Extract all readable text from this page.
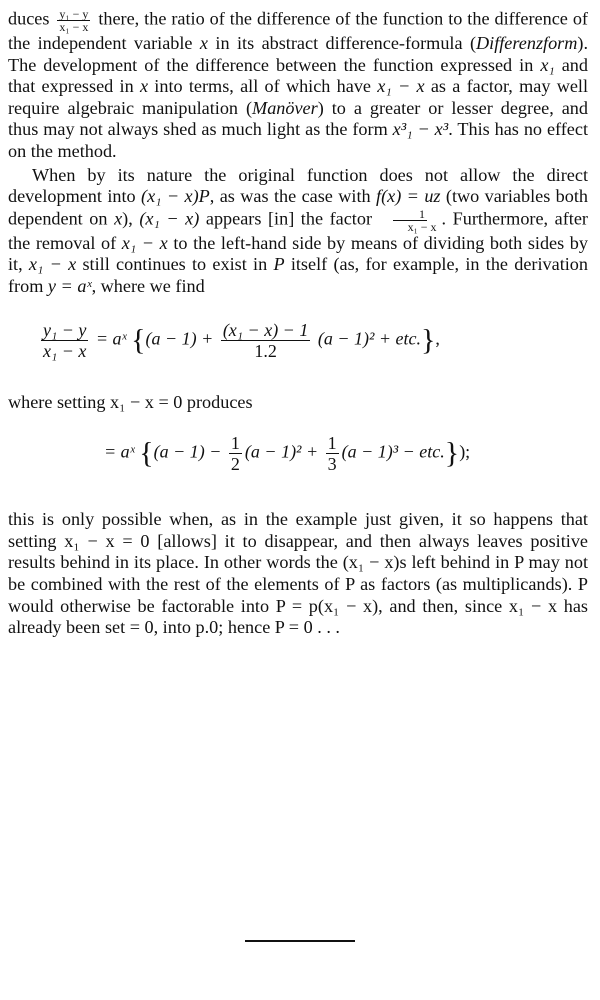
duces $\frac{\text{y₁ − y}}{\text{x₁ − x}}$ there, the ratio of the difference of the function to the difference of the independent variable x in its abstract difference-formula (Differenzform). The development of the difference between the function expressed in x₁ and that expressed in x into terms, all of which have x₁ − x as a factor, may well require algebraic manipulation (Manöver) to a greater or lesser degree, and thus may not always shed as much light as the form x³₁ − x³. This has no effect on the method.

When by its nature the original function does not allow the direct development into (x₁ − x)P, as was the case with f(x) = uz (two variables both dependent on x), (x₁ − x) appears [in] the factor $\frac{1}{\text{x₁ − x}}$ . Furthermore, after the removal of x₁ − x to the left-hand side by means of dividing both sides by it, x₁ − x still continues to exist in P itself (as, for example, in the derivation from y = aˣ, where we find

$\frac{\text{y₁ − y}}{\text{x₁ − x}}$ = aˣ $\{(a - 1) + \frac{\text{(x₁ − x) − 1}}{1.2} (a - 1)^2 + etc.\}$,

where setting x₁ − x = 0 produces

= aˣ $\{(a - 1) - \frac{1}{2} (a - 1)^2 + \frac{1}{3} (a - 1)^3 - etc.\}$);

this is only possible when, as in the example just given, it so happens that setting x₁ − x = 0 [allows] it to disappear, and then always leaves positive results behind in its place. In other words the (x₁ − x)s left behind in P may not be combined with the rest of the elements of P as factors (as multiplicands). P would otherwise be factorable into P = p(x₁ − x), and then, since x₁ − x has already been set = 0, into p.0; hence P = 0 . . .
